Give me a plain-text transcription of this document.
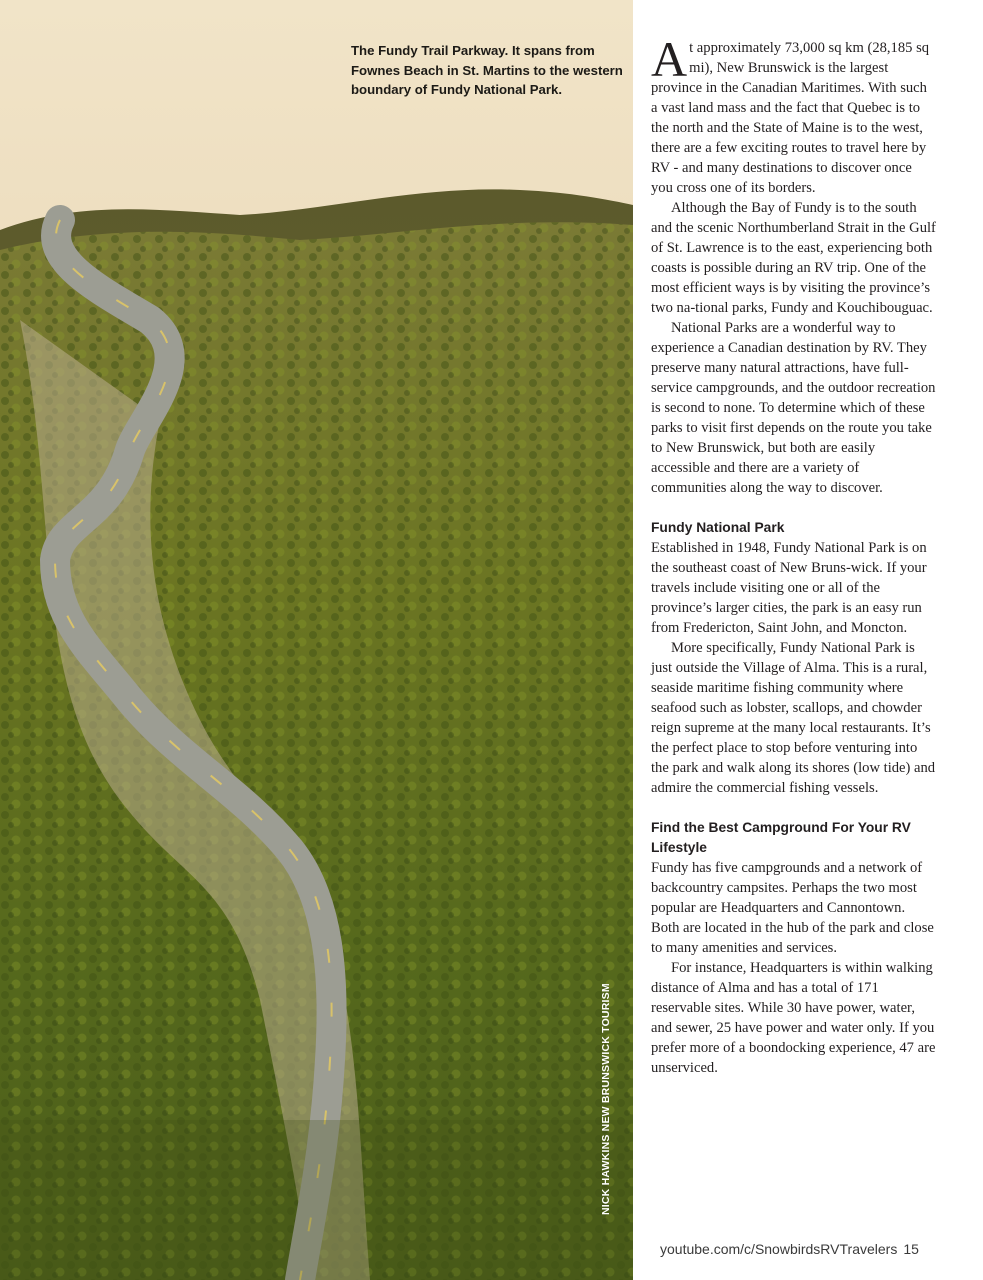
The Fundy Trail Parkway. It spans from Fownes Beach in St. Martins to the western boundary of Fundy National Park.

NICK HAWKINS NEW BRUNSWICK TOURISM

At approximately 73,000 sq km (28,185 sq mi), New Brunswick is the largest province in the Canadian Maritimes. With such a vast land mass and the fact that Quebec is to the north and the State of Maine is to the west, there are a few exciting routes to travel here by RV - and many destinations to discover once you cross one of its borders.

Although the Bay of Fundy is to the south and the scenic Northumberland Strait in the Gulf of St. Lawrence is to the east, experiencing both coasts is possible during an RV trip. One of the most efficient ways is by visiting the province’s two na-tional parks, Fundy and Kouchibouguac.

National Parks are a wonderful way to experience a Canadian destination by RV. They preserve many natural attractions, have full-service campgrounds, and the outdoor recreation is second to none. To determine which of these parks to visit first depends on the route you take to New Brunswick, but both are easily accessible and there are a variety of communities along the way to discover.

Fundy National Park

Established in 1948, Fundy National Park is on the southeast coast of New Bruns-wick. If your travels include visiting one or all of the province’s larger cities, the park is an easy run from Fredericton, Saint John, and Moncton.

More specifically, Fundy National Park is just outside the Village of Alma. This is a rural, seaside maritime fishing community where seafood such as lobster, scallops, and chowder reign supreme at the many local restaurants. It’s the perfect place to stop before venturing into the park and walk along its shores (low tide) and admire the commercial fishing vessels.

Find the Best Campground For Your RV Lifestyle

Fundy has five campgrounds and a network of backcountry campsites. Perhaps the two most popular are Headquarters and Cannontown. Both are located in the hub of the park and close to many amenities and services.

For instance, Headquarters is within walking distance of Alma and has a total of 171 reservable sites. While 30 have power, water, and sewer, 25 have power and water only. If you prefer more of a boondocking experience, 47 are unserviced.

youtube.com/c/SnowbirdsRVTravelers 15
